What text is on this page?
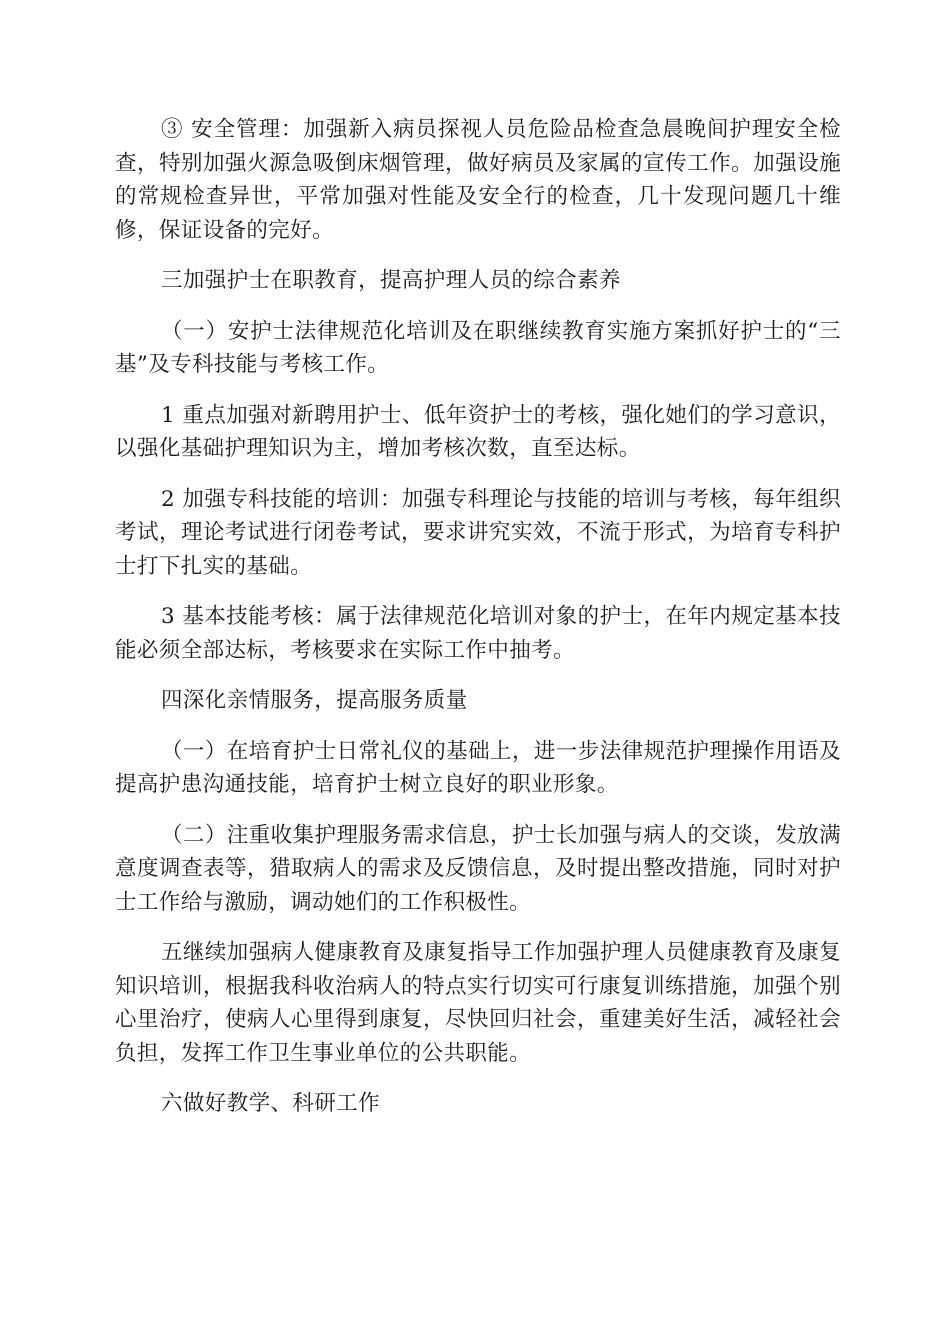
③ 安全管理：加强新入病员探视人员危险品检查急晨晚间护理安全检查，特别加强火源急吸倒床烟管理，做好病员及家属的宣传工作。加强设施的常规检查异世，平常加强对性能及安全行的检查，几十发现问题几十维修，保证设备的完好。

三加强护士在职教育，提高护理人员的综合素养

（一）安护士法律规范化培训及在职继续教育实施方案抓好护士的“三基”及专科技能与考核工作。

1 重点加强对新聘用护士、低年资护士的考核，强化她们的学习意识，以强化基础护理知识为主，增加考核次数，直至达标。

2 加强专科技能的培训：加强专科理论与技能的培训与考核，每年组织考试，理论考试进行闭卷考试，要求讲究实效，不流于形式，为培育专科护士打下扎实的基础。

3 基本技能考核：属于法律规范化培训对象的护士，在年内规定基本技能必须全部达标，考核要求在实际工作中抽考。

四深化亲情服务，提高服务质量

（一）在培育护士日常礼仪的基础上，进一步法律规范护理操作用语及提高护患沟通技能，培育护士树立良好的职业形象。

（二）注重收集护理服务需求信息，护士长加强与病人的交谈，发放满意度调查表等，猎取病人的需求及反馈信息，及时提出整改措施，同时对护士工作给与激励，调动她们的工作积极性。

五继续加强病人健康教育及康复指导工作加强护理人员健康教育及康复知识培训，根据我科收治病人的特点实行切实可行康复训练措施，加强个别心里治疗，使病人心里得到康复，尽快回归社会，重建美好生活，减轻社会负担，发挥工作卫生事业单位的公共职能。

六做好教学、科研工作
